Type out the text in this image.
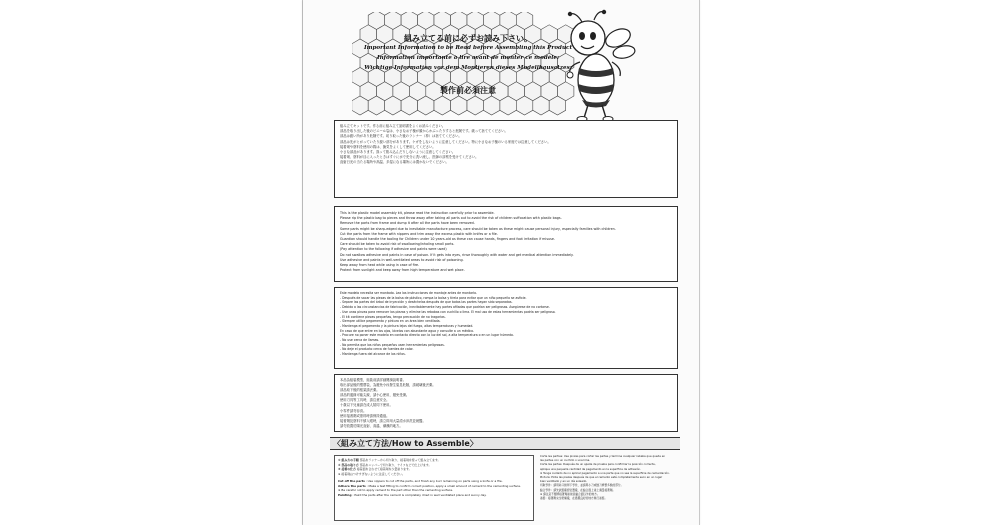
組み立てる前に必ずお読み下さい。
Important Information to be Read before Assembling this Product
Information importante à lire avant de monter ce modèle:
Wichtige Information vor dem Montieren dieses Modellbausatzes:
製作前必須注意
組み立てキットです。作る前に組み立て説明書をよくお読みください。
部品を取り出した後のビニール袋は、小さなお子様が頭からかぶったりすると危険です。破って捨ててください。
部品は鋭い所があり危険です。切り取った後のランナー（枠）は捨ててください。
部品は先がとがっていたり鋭い部分があります。ケガをしないように注意してください。特に小さなお子様のいる家庭では注意してください。
接着剤や塗料を使用の際は、換気をよくして使用してください。
小さな部品があります。誤って飲み込んだりしないように注意してください。
接着剤、塗料が目に入ったときはすぐに水で充分に洗い流し、医師の診察を受けてください。
直射日光の当たる場所や高温、多湿になる場所には置かないでください。
This is the plastic model assembly kit, please read the instruction carefully prior to assemble.
Please rip the plastic bag to pieces and throw away after taking all parts out to avoid the risk of children suffocation with plastic bags.
Remove the parts from frame and dump it after all the parts have been removed.
Some parts might be sharp-edged due to inevitable manufacture process, care should be taken as these might cause personal injury, especially families with children.
Cut the parts from the frame with nippers and trim away the excess plastic with knifes or a file.
Guardian should handle the tooling for Children under 10 years-old as these can cause hands, fingers and foot irritation if misuse.
Care should be taken to avoid risk of swallowing/inhaling small parts.
(Pay attention to the following if adhesive and paints were used)
Do not swallow adhesive and paints in case of poison. If it gets into eyes, rinse thoroughly with water and get medical attention immediately.
Use adhesive and paints in well-ventilated areas to avoid risk of poisoning.
Keep away from heat while using in case of fire.
Protect from sunlight and keep away from high temperature and wet place.
Este modelo necesita ser montado. Lea las instrucciones de montaje antes de montarlo.
- Después de sacar las piezas de la bolsa de plástico, rompa la bolsa y tírela para evitar que un niño pequeño se asfixie.
- Separe las partes del árbol de inyección y deséchelas después de que todas las partes hayan sido separadas.
- Debido a las circunstancias de fabricación, inevitablemente hay partes afiladas que podrían ser peligrosas. Asegúrese de no cortarse.
- Use unas pinzas para remover las piezas y elimine las rebabas con cuchillo o lima. El mal uso de estas herramientas podría ser peligroso.
- El kit contiene piezas pequeñas, tenga precaución de no tragarlas.
- Siempre utilice pegamento y pintura en un área bien ventilada.
- Mantenga el pegamento y la pintura lejos del fuego, altas temperaturas y humedad.
En caso de que entre en los ojos, lávelos con abundante agua y consulte a un médico.
- Procure no poner este modelo en contacto directo con la luz del sol, a alta temperatura o en un lugar húmedo.
- No use cerca de llamas.
- No permita que los niños pequeños usen herramientas peligrosas.
- No deje el producto cerca de fuentes de calor.
- Mantenga fuera del alcance de los niños.
本品為組裝模型，組裝前請詳細閱讀說明書。
取出部品後的塑膠袋，為避免小孩發生窒息危險，請破壞後丟棄。
部品取下後的框架請丟棄。
部品的邊緣可能尖銳，請小心使用，避免受傷。
使用刀具等工具時，請注意安全。
十歲以下兒童請在成人陪同下使用。
小零件請勿吞食。
使用接著劑或塗料時請保持通風。
接著劑及塗料不慎入眼時，請立即用大量清水沖洗並就醫。
請勿放置於陽光直射、高溫、潮濕的地方。
〈組み立て方法/How to Assemble〉
① 組み方の手順 部品をランナーから切り取り、接着剤を使って組み立てます。
② 部品の取り方 部品をニッパーで切り取り、ナイフなどで仕上げます。
③ 接着の仕方 接着面を合わせて接着剤を少量塗ります。
※ 接着剤はつけすぎないように注意してください。
Cut off the parts : Use nippers to cut off the parts, and finish any burr remaining on parts using a knife or a file.
Adhere the parts : Make a test fitting to confirm correct position, apply a small amount of cement to the cementing surface.
※ Be careful not to apply cement to the part other than the cementing surface.
Painting : Paint the parts after the cement is completely dried in well ventilated place and sunny day.
Corte les parties: Use pinzas para cortar las partes y termine cualquier rebaba que quede en
las partes con un cuchillo o una lima.
Corte las partes: Después de un ajuste de prueba para confirmar la posición correcta,
aplique una pequeña cantidad de pegamento en la superficie de adhesión.
※ Tenga cuidado de no aplicar pegamento a una parte que no sea la superficie de cementación.
Pintura: Pinte las piezas después de que el cemento esté completamente seco en un lugar
bien ventilado y en un día soleado.
切取零件：請用斜口鉗剪下零件，並請用小刀或銼刀修整多餘的部分。
黏合零件：請先試組確認位置後，在黏合面上塗上適量接著劑。
※ 請注意不要將接著劑塗抹到黏合面以外的地方。
塗裝：接著劑完全乾燥後，在通風良好的地方進行塗裝。
